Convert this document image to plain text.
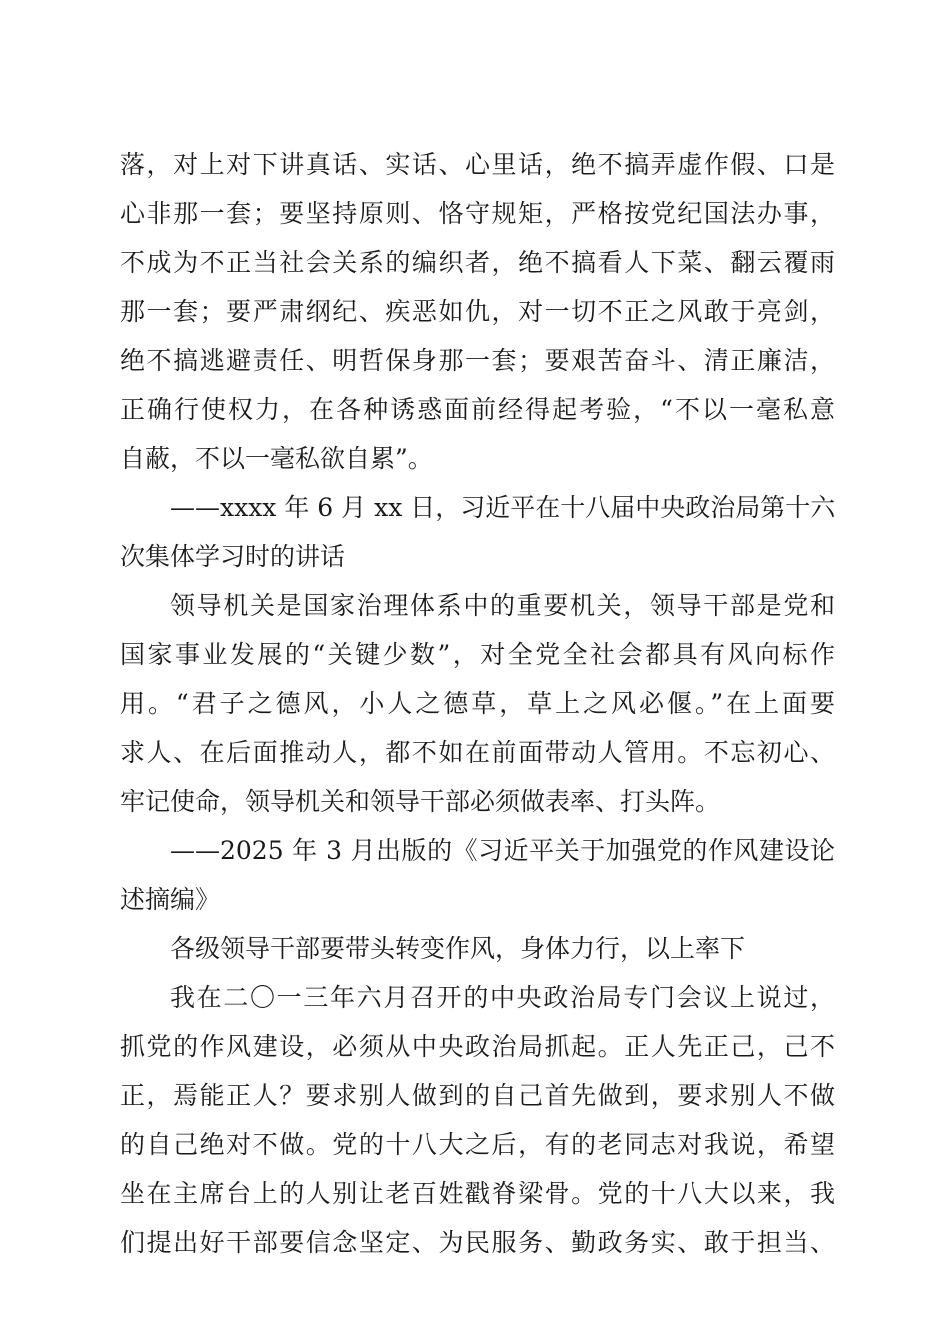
落，对上对下讲真话、实话、心里话，绝不搞弄虚作假、口是
心非那一套；要坚持原则、恪守规矩，严格按党纪国法办事，
不成为不正当社会关系的编织者，绝不搞看人下菜、翻云覆雨
那一套；要严肃纲纪、疾恶如仇，对一切不正之风敢于亮剑，
绝不搞逃避责任、明哲保身那一套；要艰苦奋斗、清正廉洁，
正确行使权力，在各种诱惑面前经得起考验，“不以一毫私意
自蔽，不以一毫私欲自累”。
——xxxx 年 6 月 xx 日，习近平在十八届中央政治局第十六
次集体学习时的讲话
领导机关是国家治理体系中的重要机关，领导干部是党和
国家事业发展的“关键少数”，对全党全社会都具有风向标作
用。“君子之德风，小人之德草，草上之风必偃。”在上面要
求人、在后面推动人，都不如在前面带动人管用。不忘初心、
牢记使命，领导机关和领导干部必须做表率、打头阵。
——2025 年 3 月出版的《习近平关于加强党的作风建设论
述摘编》
各级领导干部要带头转变作风，身体力行，以上率下
我在二〇一三年六月召开的中央政治局专门会议上说过，
抓党的作风建设，必须从中央政治局抓起。正人先正己，己不
正，焉能正人？要求别人做到的自己首先做到，要求别人不做
的自己绝对不做。党的十八大之后，有的老同志对我说，希望
坐在主席台上的人别让老百姓戳脊梁骨。党的十八大以来，我
们提出好干部要信念坚定、为民服务、勤政务实、敢于担当、
